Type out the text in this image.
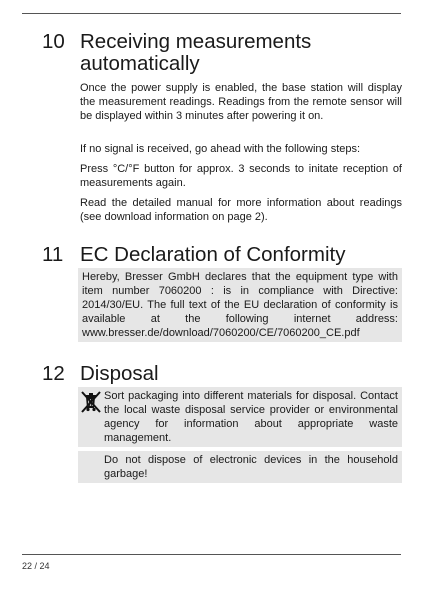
10 Receiving measurements
automatically

Once the power supply is enabled, the base station will display the measurement readings. Readings from the remote sensor will be displayed within 3 minutes after powering it on.

If no signal is received, go ahead with the following steps:

Press °C/°F button for approx. 3 seconds to initate reception of measurements again.

Read the detailed manual for more information about readings (see download information on page 2).

11 EC Declaration of Conformity

Hereby, Bresser GmbH declares that the equipment type with item number 7060200 : is in compliance with Directive: 2014/30/EU. The full text of the EU declaration of conformity is available at the following internet address: www.bresser.de/download/7060200/CE/7060200_CE.pdf

12 Disposal

Sort packaging into different materials for disposal. Contact the local waste disposal service provider or environmental agency for information about appropriate waste management.

Do not dispose of electronic devices in the household garbage!

22 / 24
